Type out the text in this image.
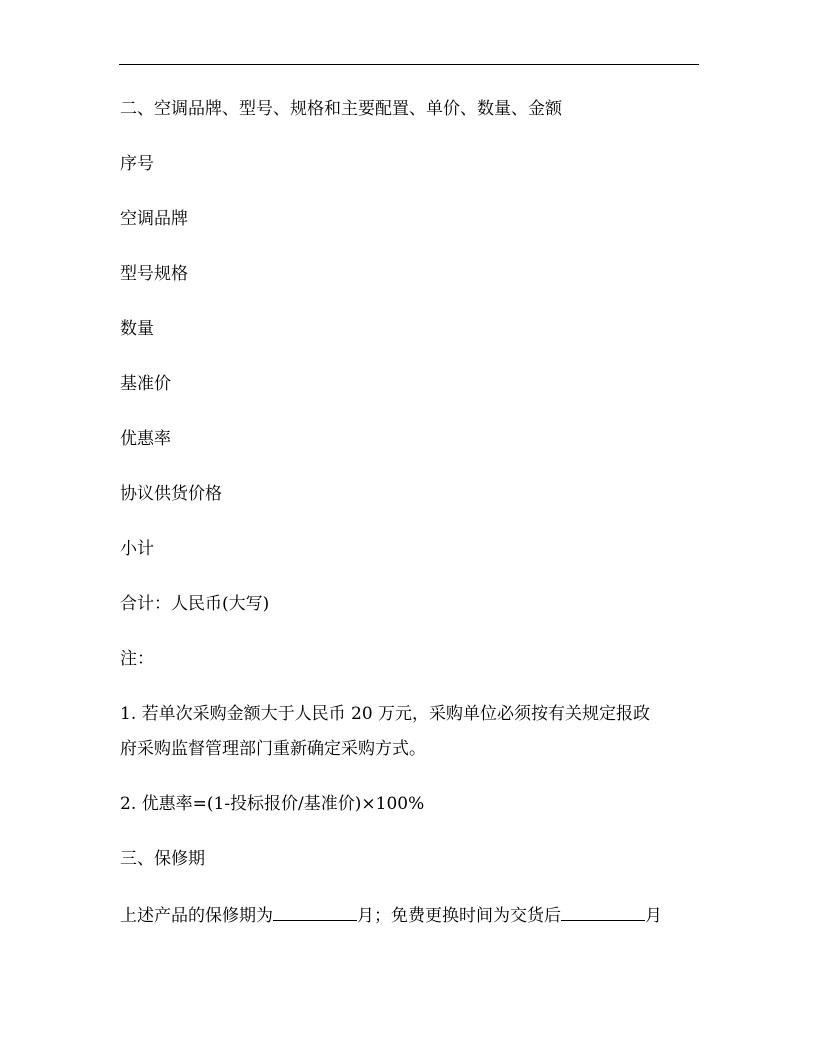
二、空调品牌、型号、规格和主要配置、单价、数量、金额
序号
空调品牌
型号规格
数量
基准价
优惠率
协议供货价格
小计
合计：人民币(大写)
注：
1. 若单次采购金额大于人民币 20 万元，采购单位必须按有关规定报政
府采购监督管理部门重新确定采购方式。
2. 优惠率=(1-投标报价/基准价)×100%
三、保修期
上述产品的保修期为	月；免费更换时间为交货后	月
